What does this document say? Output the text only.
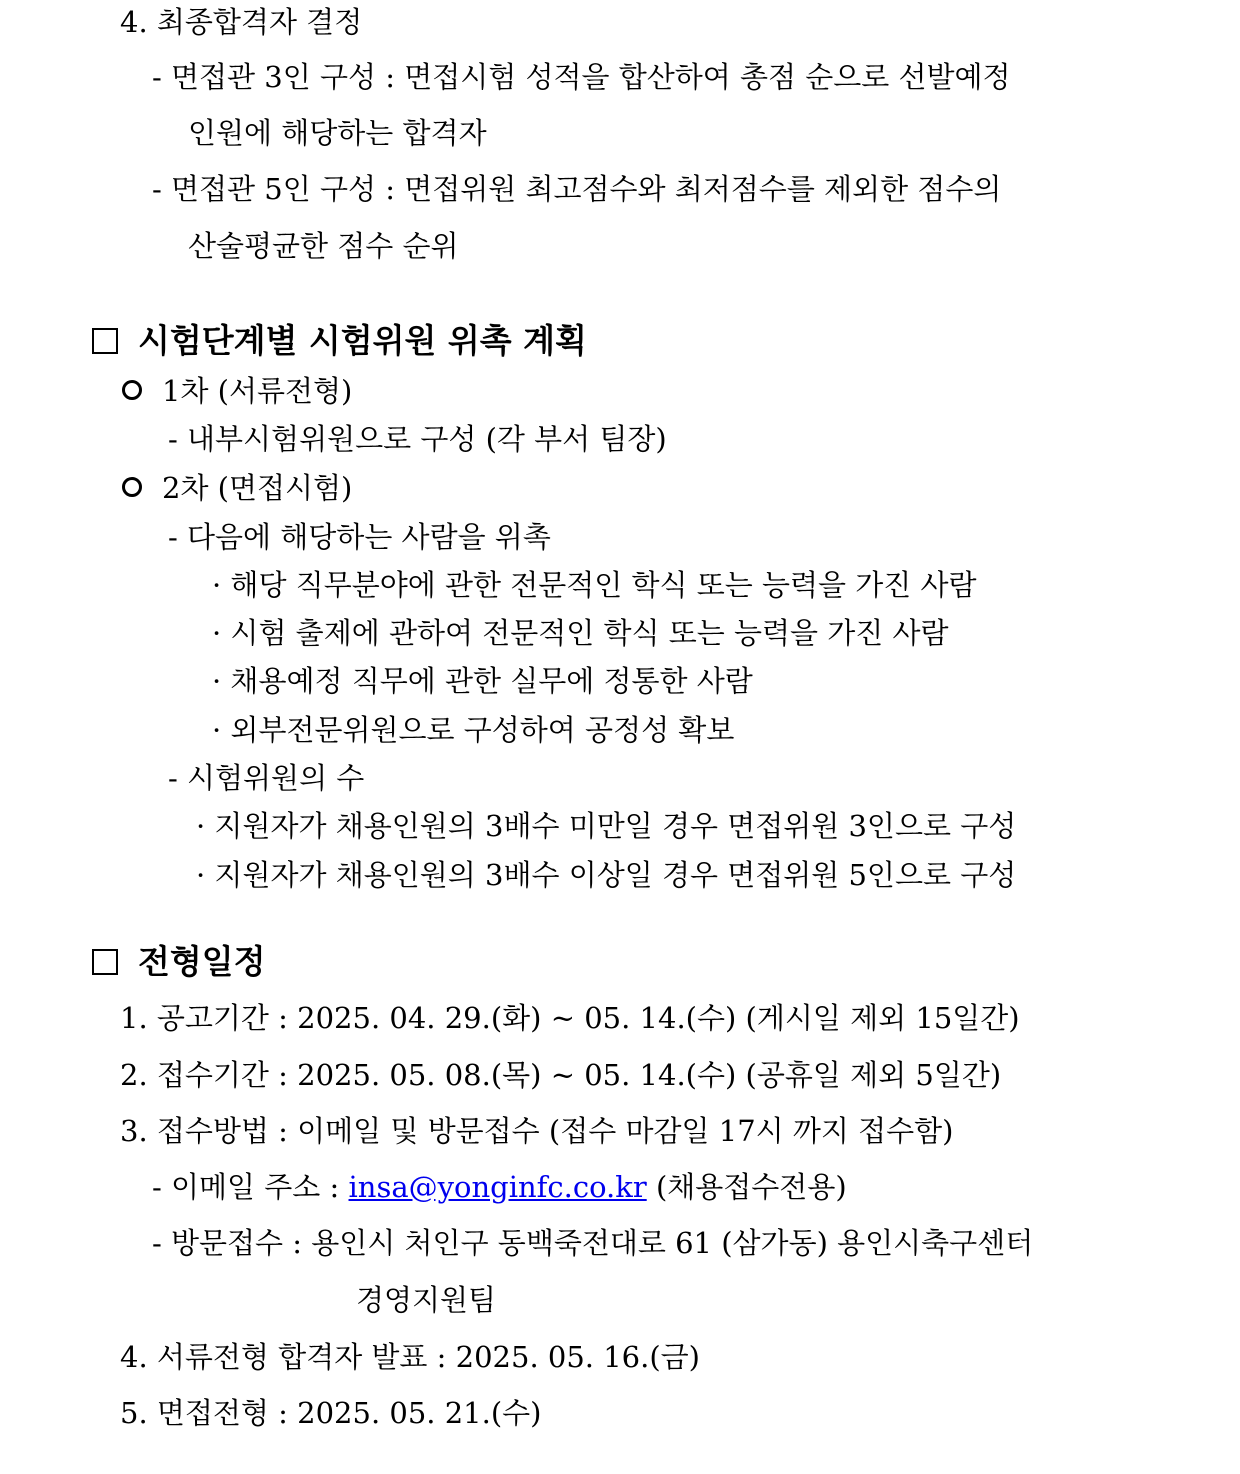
4. 최종합격자 결정
- 면접관 3인 구성 : 면접시험 성적을 합산하여 총점 순으로 선발예정
인원에 해당하는 합격자
- 면접관 5인 구성 : 면접위원 최고점수와 최저점수를 제외한 점수의
산술평균한 점수 순위
시험단계별 시험위원 위촉 계획
1차 (서류전형)
- 내부시험위원으로 구성 (각 부서 팀장)
2차 (면접시험)
- 다음에 해당하는 사람을 위촉
· 해당 직무분야에 관한 전문적인 학식 또는 능력을 가진 사람
· 시험 출제에 관하여 전문적인 학식 또는 능력을 가진 사람
· 채용예정 직무에 관한 실무에 정통한 사람
· 외부전문위원으로 구성하여 공정성 확보
- 시험위원의 수
· 지원자가 채용인원의 3배수 미만일 경우 면접위원 3인으로 구성
· 지원자가 채용인원의 3배수 이상일 경우 면접위원 5인으로 구성
전형일정
1. 공고기간 : 2025. 04. 29.(화) ~ 05. 14.(수) (게시일 제외 15일간)
2. 접수기간 : 2025. 05. 08.(목) ~ 05. 14.(수) (공휴일 제외 5일간)
3. 접수방법 : 이메일 및 방문접수 (접수 마감일 17시 까지 접수함)
- 이메일 주소 : insa@yonginfc.co.kr (채용접수전용)
- 방문접수 : 용인시 처인구 동백죽전대로 61 (삼가동) 용인시축구센터
경영지원팀
4. 서류전형 합격자 발표 : 2025. 05. 16.(금)
5. 면접전형 : 2025. 05. 21.(수)
